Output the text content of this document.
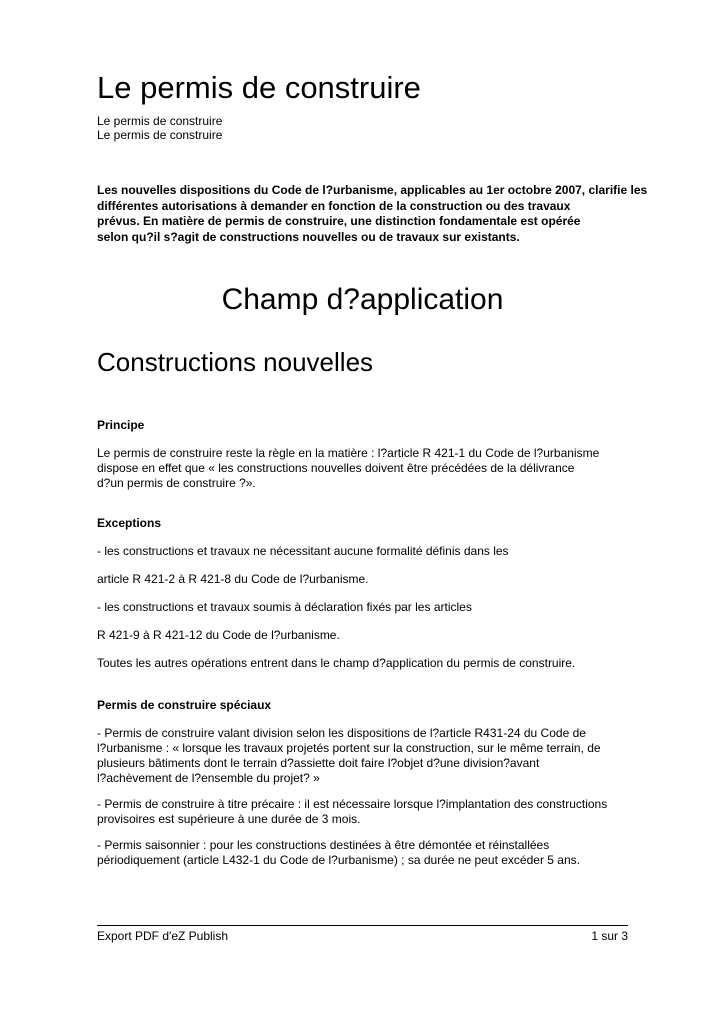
Le permis de construire
Le permis de construire
Le permis de construire
Les nouvelles dispositions du Code de l?urbanisme, applicables au 1er octobre 2007, clarifie les
différentes autorisations à demander en fonction de la construction ou des travaux
prévus. En matière de permis de construire, une distinction fondamentale est opérée
selon qu?il s?agit de constructions nouvelles ou de travaux sur existants.
Champ d?application
Constructions nouvelles
Principe
Le permis de construire reste la règle en la matière : l?article R 421-1 du Code de l?urbanisme
dispose en effet que « les constructions nouvelles doivent être précédées de la délivrance
d?un permis de construire ?».
Exceptions
- les constructions et travaux ne nécessitant aucune formalité définis dans les
article R 421-2 à R 421-8 du Code de l?urbanisme.
- les constructions et travaux soumis à déclaration fixés par les articles
R 421-9 à R 421-12 du Code de l?urbanisme.
Toutes les autres opérations entrent dans le champ d?application du permis de construire.
Permis de construire spéciaux
- Permis de construire valant division selon les dispositions de l?article R431-24 du Code de
l?urbanisme : « lorsque les travaux projetés portent sur la construction, sur le même terrain, de
plusieurs bâtiments dont le terrain d?assiette doit faire l?objet d?une division?avant
l?achèvement de l?ensemble du projet? »
- Permis de construire à titre précaire : il est nécessaire lorsque l?implantation des constructions
provisoires est supérieure à une durée de 3 mois.
- Permis saisonnier : pour les constructions destinées à être démontée et réinstallées
périodiquement (article L432-1 du Code de l?urbanisme) ; sa durée ne peut excéder 5 ans.
Export PDF d'eZ Publish	1 sur 3
